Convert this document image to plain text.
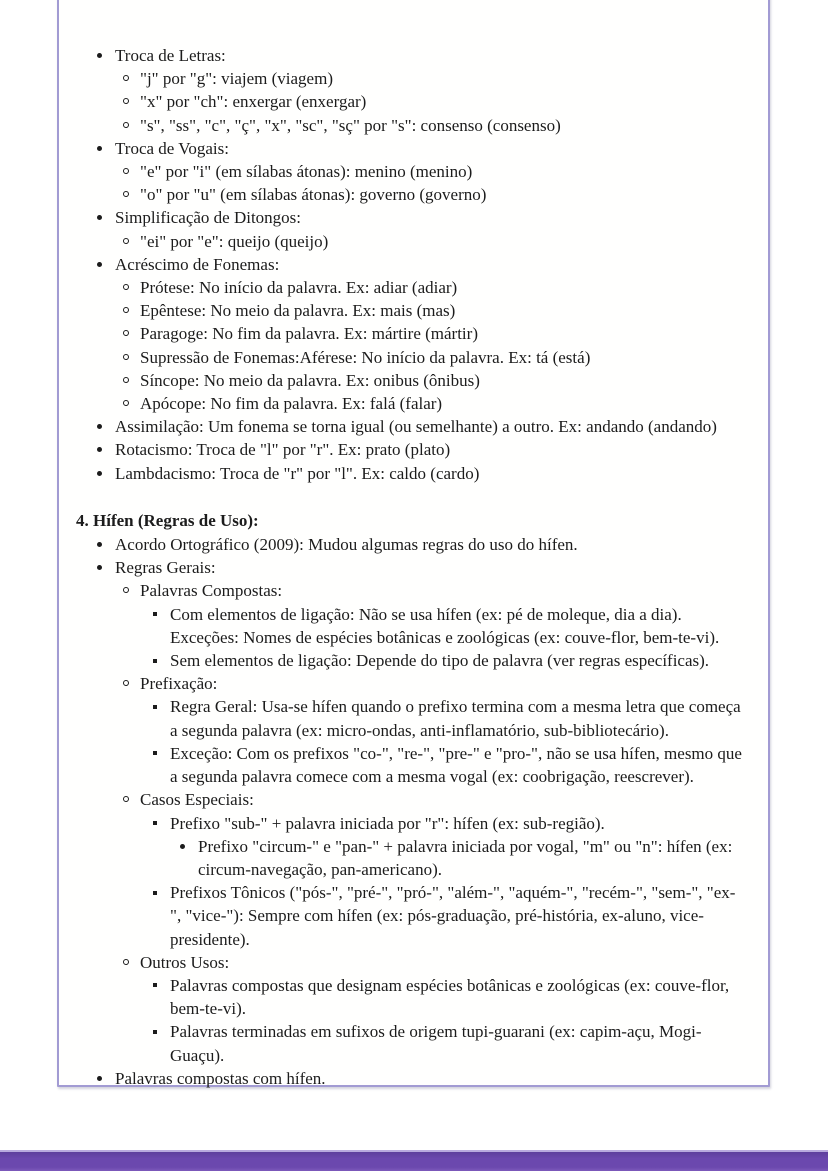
Troca de Letras:
"j" por "g": viajem (viagem)
"x" por "ch": enxergar (enxergar)
"s", "ss", "c", "ç", "x", "sc", "sç" por "s": consenso (consenso)
Troca de Vogais:
"e" por "i" (em sílabas átonas): menino (menino)
"o" por "u" (em sílabas átonas): governo (governo)
Simplificação de Ditongos:
"ei" por "e": queijo (queijo)
Acréscimo de Fonemas:
Prótese: No início da palavra. Ex: adiar (adiar)
Epêntese: No meio da palavra. Ex: mais (mas)
Paragoge: No fim da palavra. Ex: mártire (mártir)
Supressão de Fonemas:Aférese: No início da palavra. Ex: tá (está)
Síncope: No meio da palavra. Ex: onibus (ônibus)
Apócope: No fim da palavra. Ex: falá (falar)
Assimilação: Um fonema se torna igual (ou semelhante) a outro. Ex: andando (andando)
Rotacismo: Troca de "l" por "r". Ex: prato (plato)
Lambdacismo: Troca de "r" por "l". Ex: caldo (cardo)
4. Hífen (Regras de Uso):
Acordo Ortográfico (2009): Mudou algumas regras do uso do hífen.
Regras Gerais:
Palavras Compostas:
Com elementos de ligação: Não se usa hífen (ex: pé de moleque, dia a dia). Exceções: Nomes de espécies botânicas e zoológicas (ex: couve-flor, bem-te-vi).
Sem elementos de ligação: Depende do tipo de palavra (ver regras específicas).
Prefixação:
Regra Geral: Usa-se hífen quando o prefixo termina com a mesma letra que começa a segunda palavra (ex: micro-ondas, anti-inflamatório, sub-bibliotecário).
Exceção: Com os prefixos "co-", "re-", "pre-" e "pro-", não se usa hífen, mesmo que a segunda palavra comece com a mesma vogal (ex: coobrigação, reescrever).
Casos Especiais:
Prefixo "sub-" + palavra iniciada por "r": hífen (ex: sub-região).
Prefixo "circum-" e "pan-" + palavra iniciada por vogal, "m" ou "n": hífen (ex: circum-navegação, pan-americano).
Prefixos Tônicos ("pós-", "pré-", "pró-", "além-", "aquém-", "recém-", "sem-", "ex-", "vice-"): Sempre com hífen (ex: pós-graduação, pré-história, ex-aluno, vice-presidente).
Outros Usos:
Palavras compostas que designam espécies botânicas e zoológicas (ex: couve-flor, bem-te-vi).
Palavras terminadas em sufixos de origem tupi-guarani (ex: capim-açu, Mogi-Guaçu).
Palavras compostas com hífen.
